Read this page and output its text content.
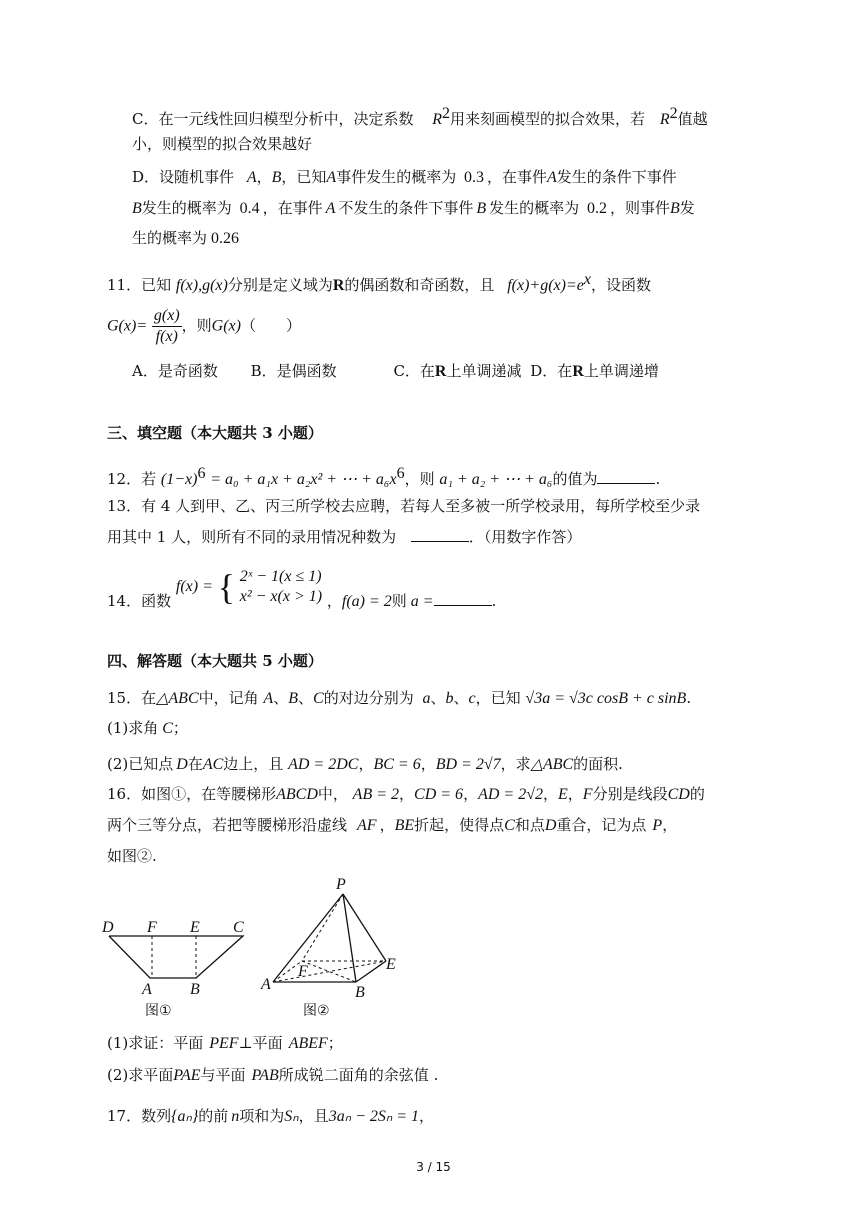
C．在一元线性回归模型分析中，决定系数 $R^2$用来刻画模型的拟合效果，若 $R^2$值越
小，则模型的拟合效果越好
D．设随机事件 A，B，已知A事件发生的概率为 0.3 ，在事件A发生的条件下事件
B发生的概率为 0.4 ，在事件 A 不发生的条件下事件 B 发生的概率为 0.2 ，则事件B发
生的概率为 0.26
11．已知 f(x),g(x)分别是定义域为R的偶函数和奇函数，且 $f(x)+g(x)=e^x$，设函数
$G(x)= \frac{g(x)}{f(x)}$ ，则G(x)（　　）
A．是奇函数 B．是偶函数	C．在R上单调递减 D．在R上单调递增
三、填空题（本大题共 3 小题）
12．若 $(1-x)^6 = a_0 + a_1x + a_2x^2$ + ⋯ + $a_6x^6$，则 a₁ + a₂ + ⋯ + a₆的值为	.
13．有 4 人到甲、乙、丙三所学校去应聘，若每人至多被一所学校录用，每所学校至少录
用其中 1 人，则所有不同的录用情况种数为	．（用数字作答）
14．函数 f(x) = { 2ˣ − 1(x ≤ 1)
x² − x(x > 1) ，f(a) = 2则 a =	.
四、解答题（本大题共 5 小题）
15．在△ABC中，记角 A、B、C的对边分别为 a、b、c，已知 √3a = √3c cosB + c sinB.
(1)求角 C；
(2)已知点 D在AC边上，且 AD = 2DC，BC = 6，BD = 2√7，求△ABC的面积.
16．如图①，在等腰梯形ABCD中， AB = 2，CD = 6，AD = 2√2，E，F分别是线段CD的
两个三等分点，若把等腰梯形沿虚线 AF ，BE折起，使得点C和点D重合，记为点 P，
如图②.
D F E C
A B
图①
P
F	E
A	B
图②
(1)求证：平面 PEF⊥平面 ABEF；
(2)求平面PAE与平面 PAB所成锐二面角的余弦值 .
17．数列{aₙ}的前 n项和为Sₙ，且3aₙ − 2Sₙ = 1，
3 / 15
